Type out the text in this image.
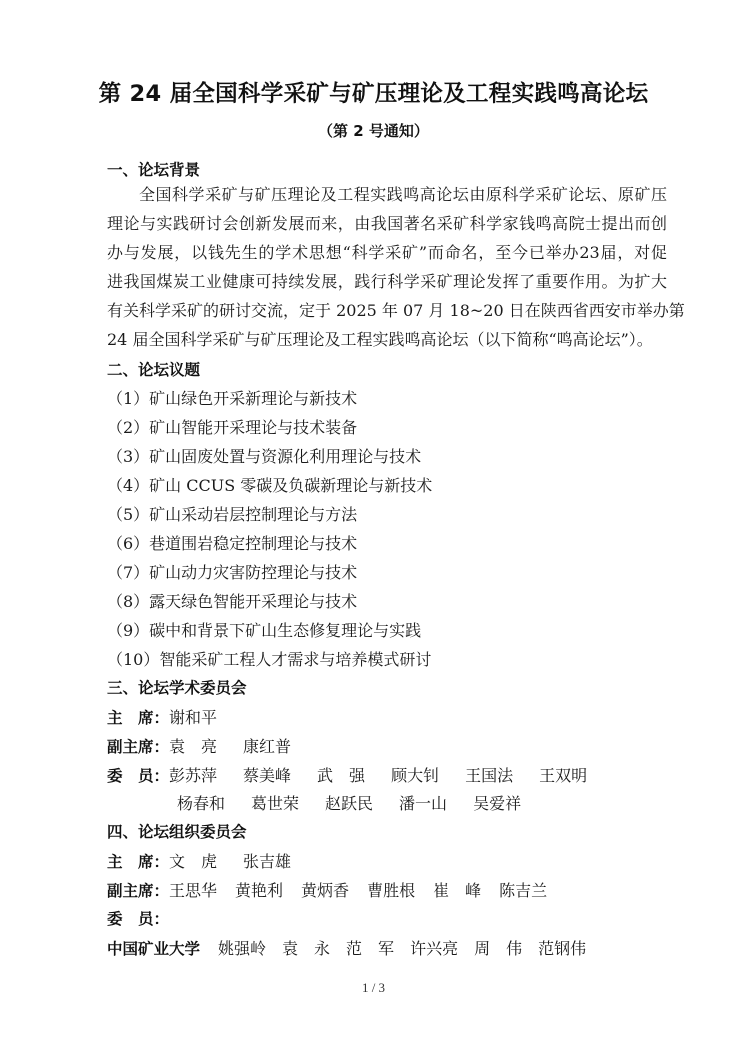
第 24 届全国科学采矿与矿压理论及工程实践鸣高论坛
（第 2 号通知）
一、论坛背景
全国科学采矿与矿压理论及工程实践鸣高论坛由原科学采矿论坛、原矿压
理论与实践研讨会创新发展而来，由我国著名采矿科学家钱鸣高院士提出而创
办与发展，以钱先生的学术思想“科学采矿”而命名，至今已举办23届，对促
进我国煤炭工业健康可持续发展，践行科学采矿理论发挥了重要作用。为扩大
有关科学采矿的研讨交流，定于 2025 年 07 月 18~20 日在陕西省西安市举办第
24 届全国科学采矿与矿压理论及工程实践鸣高论坛（以下简称“鸣高论坛”）。
二、论坛议题
（1）矿山绿色开采新理论与新技术
（2）矿山智能开采理论与技术装备
（3）矿山固废处置与资源化利用理论与技术
（4）矿山 CCUS 零碳及负碳新理论与新技术
（5）矿山采动岩层控制理论与方法
（6）巷道围岩稳定控制理论与技术
（7）矿山动力灾害防控理论与技术
（8）露天绿色智能开采理论与技术
（9）碳中和背景下矿山生态修复理论与实践
（10）智能采矿工程人才需求与培养模式研讨
三、论坛学术委员会
主　席： 谢和平
副主席： 袁　亮 康红普
委　员： 彭苏萍 蔡美峰 武　强 顾大钊 王国法 王双明
杨春和 葛世荣 赵跃民 潘一山 吴爱祥
四、论坛组织委员会
主　席： 文　虎 张吉雄
副主席： 王思华 黄艳利 黄炳香 曹胜根 崔　峰 陈吉兰
委　员：
中国矿业大学 姚强岭 袁　永 范　军 许兴亮 周　伟 范钢伟
1 / 3
